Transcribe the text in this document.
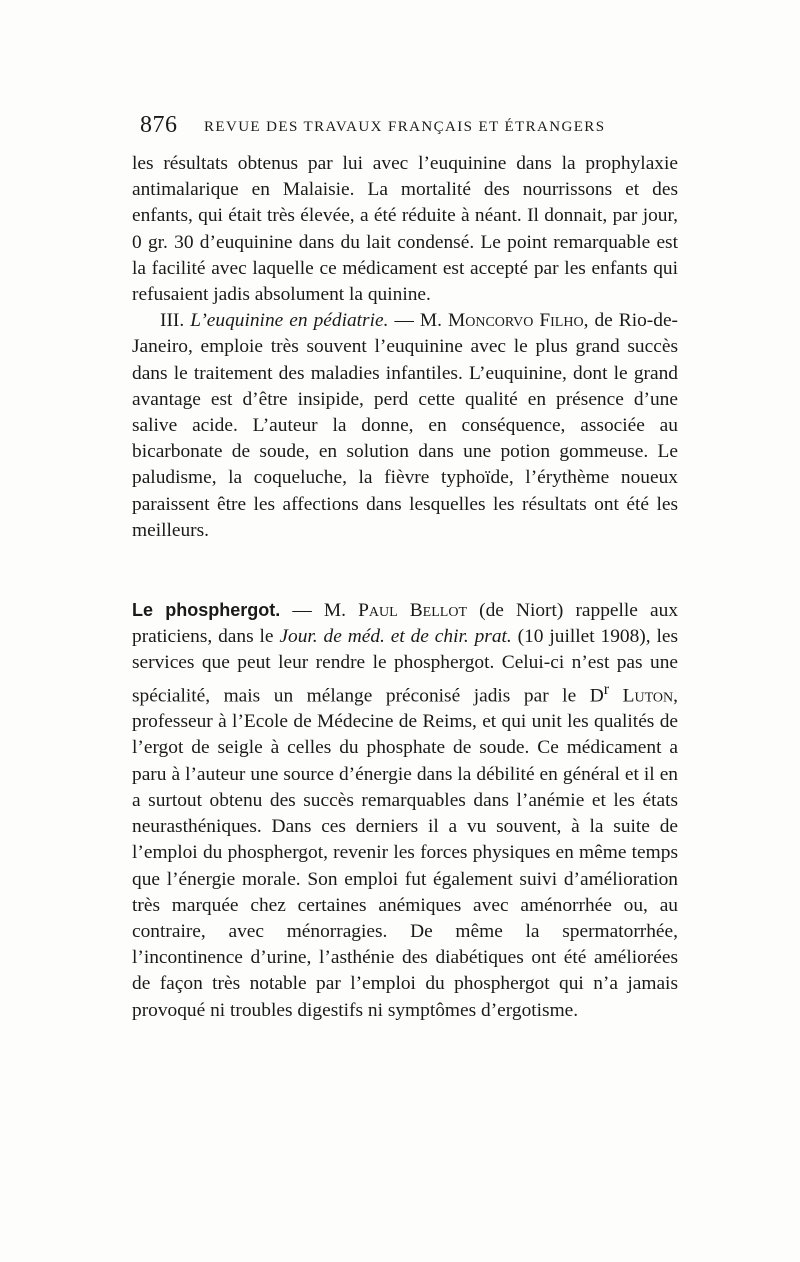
876 REVUE DES TRAVAUX FRANÇAIS ET ÉTRANGERS

les résultats obtenus par lui avec l’euquinine dans la prophylaxie antimalarique en Malaisie. La mortalité des nourrissons et des enfants, qui était très élevée, a été réduite à néant. Il donnait, par jour, 0 gr. 30 d’euquinine dans du lait condensé. Le point remarquable est la facilité avec laquelle ce médicament est accepté par les enfants qui refusaient jadis absolument la quinine.

III. L’euquinine en pédiatrie. — M. Moncorvo Filho, de Rio-de-Janeiro, emploie très souvent l’euquinine avec le plus grand succès dans le traitement des maladies infantiles. L’euquinine, dont le grand avantage est d’être insipide, perd cette qualité en présence d’une salive acide. L’auteur la donne, en conséquence, associée au bicarbonate de soude, en solution dans une potion gommeuse. Le paludisme, la coqueluche, la fièvre typhoïde, l’érythème noueux paraissent être les affections dans lesquelles les résultats ont été les meilleurs.

Le phosphergot. — M. Paul Bellot (de Niort) rappelle aux praticiens, dans le Jour. de méd. et de chir. prat. (10 juillet 1908), les services que peut leur rendre le phosphergot. Celui-ci n’est pas une spécialité, mais un mélange préconisé jadis par le $D^r$ Luton, professeur à l’Ecole de Médecine de Reims, et qui unit les qualités de l’ergot de seigle à celles du phosphate de soude. Ce médicament a paru à l’auteur une source d’énergie dans la débilité en général et il en a surtout obtenu des succès remarquables dans l’anémie et les états neurasthéniques. Dans ces derniers il a vu souvent, à la suite de l’emploi du phosphergot, revenir les forces physiques en même temps que l’énergie morale. Son emploi fut également suivi d’amélioration très marquée chez certaines anémiques avec aménorrhée ou, au contraire, avec ménorragies. De même la spermatorrhée, l’incontinence d’urine, l’asthénie des diabétiques ont été améliorées de façon très notable par l’emploi du phosphergot qui n’a jamais provoqué ni troubles digestifs ni symptômes d’ergotisme.
